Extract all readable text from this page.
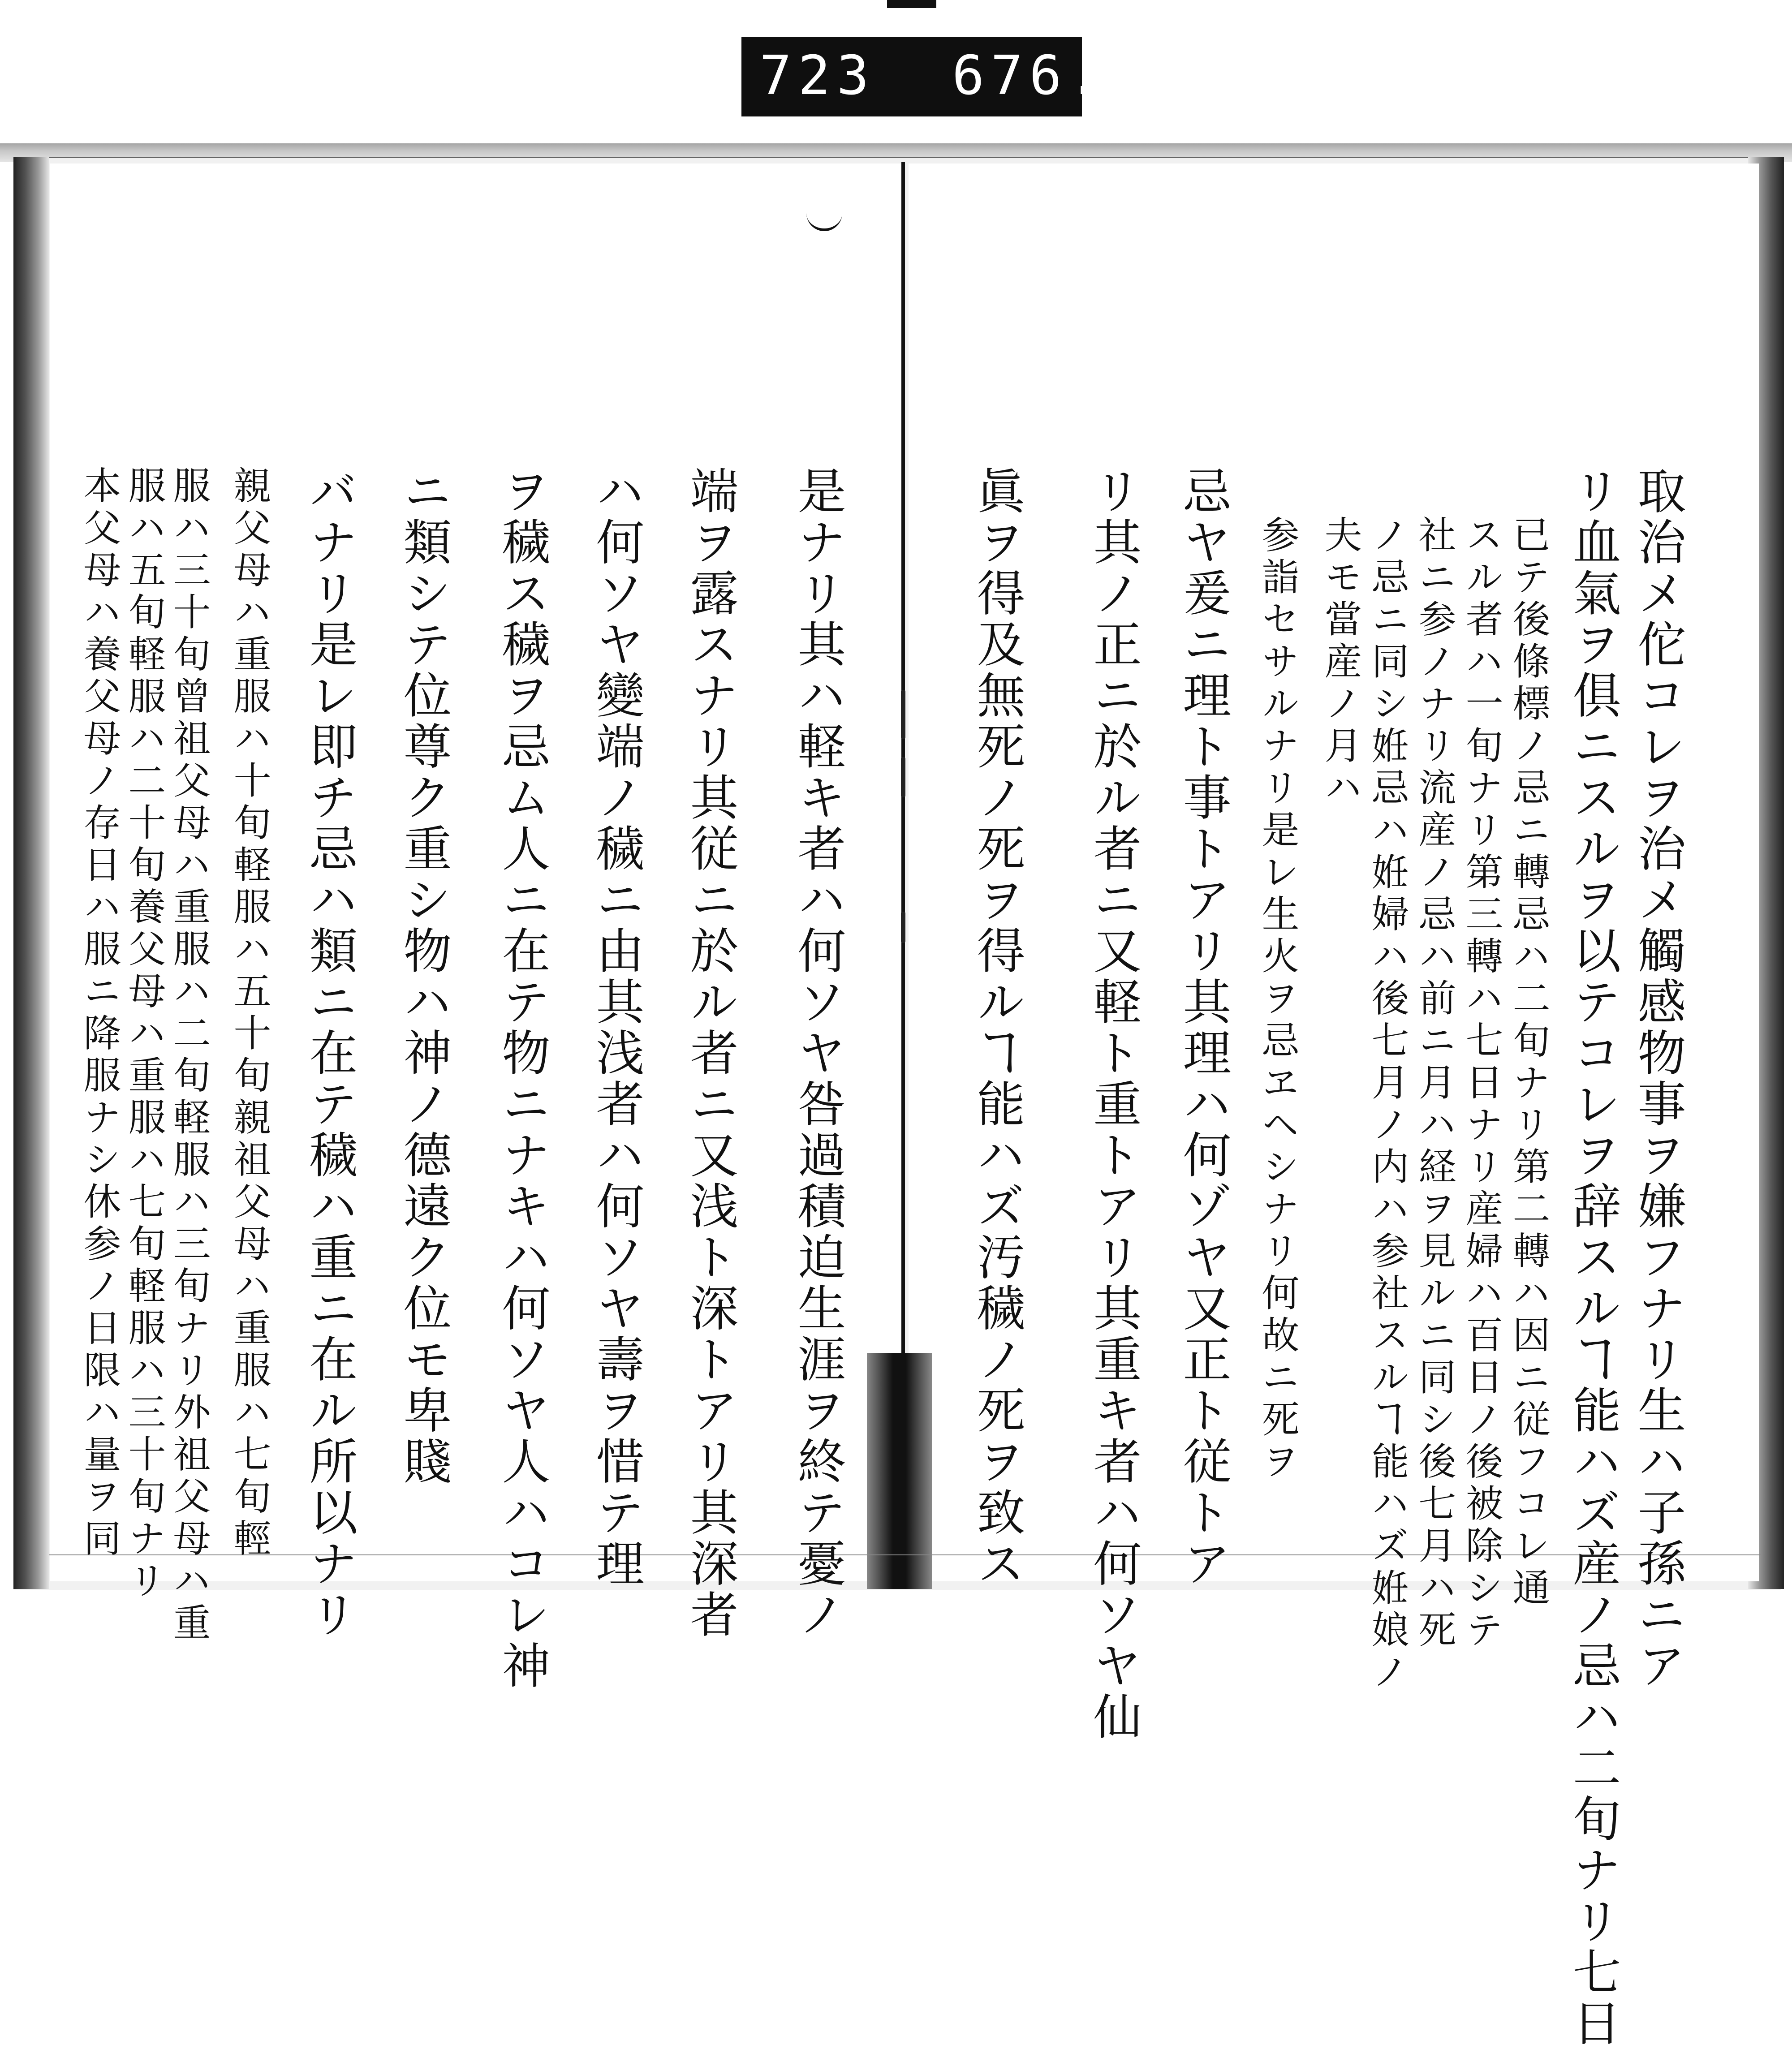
723 676.
取治メ佗コレヲ治メ觸感物事ヲ嫌フナリ生ハ子孫ニア
リ血氣ヲ俱ニスルヲ以テコレヲ辞スルヿ能ハズ産ノ忌ハ二旬ナリ七日
已テ後條標ノ忌ニ轉忌ハ二旬ナリ第二轉ハ因ニ従フコレ通
スル者ハ一旬ナリ第三轉ハ七日ナリ産婦ハ百日ノ後被除シテ
社ニ参ノナリ流産ノ忌ハ前ニ月ハ経ヲ見ルニ同シ後七月ハ死
ノ忌ニ同シ姙忌ハ姙婦ハ後七月ノ内ハ参社スルヿ能ハズ姙娘ノ
夫モ當産ノ月ハ
参詣セサルナリ是レ生火ヲ忌ヱヘシナリ何故ニ死ヲ
忌ヤ爰ニ理ト事トアリ其理ハ何ゾヤ又正ト従トア
リ其ノ正ニ於ル者ニ又軽ト重トアリ其重キ者ハ何ソヤ仙
眞ヲ得及無死ノ死ヲ得ルヿ能ハズ汚穢ノ死ヲ致ス
是ナリ其ハ軽キ者ハ何ソヤ咎過積迫生涯ヲ終テ憂ノ
端ヲ露スナリ其従ニ於ル者ニ又浅ト深トアリ其深者
ハ何ソヤ變端ノ穢ニ由其浅者ハ何ソヤ壽ヲ惜テ理
ヲ穢ス穢ヲ忌ム人ニ在テ物ニナキハ何ソヤ人ハコレ神
ニ類シテ位尊ク重シ物ハ神ノ德遠ク位モ卑賤
バナリ是レ即チ忌ハ類ニ在テ穢ハ重ニ在ル所以ナリ
親父母ハ重服ハ十旬軽服ハ五十旬親祖父母ハ重服ハ七旬輕
服ハ三十旬曾祖父母ハ重服ハ二旬軽服ハ三旬ナリ外祖父母ハ重
服ハ五旬軽服ハ二十旬養父母ハ重服ハ七旬軽服ハ三十旬ナリ
本父母ハ養父母ノ存日ハ服ニ降服ナシ休参ノ日限ハ量ヲ同
